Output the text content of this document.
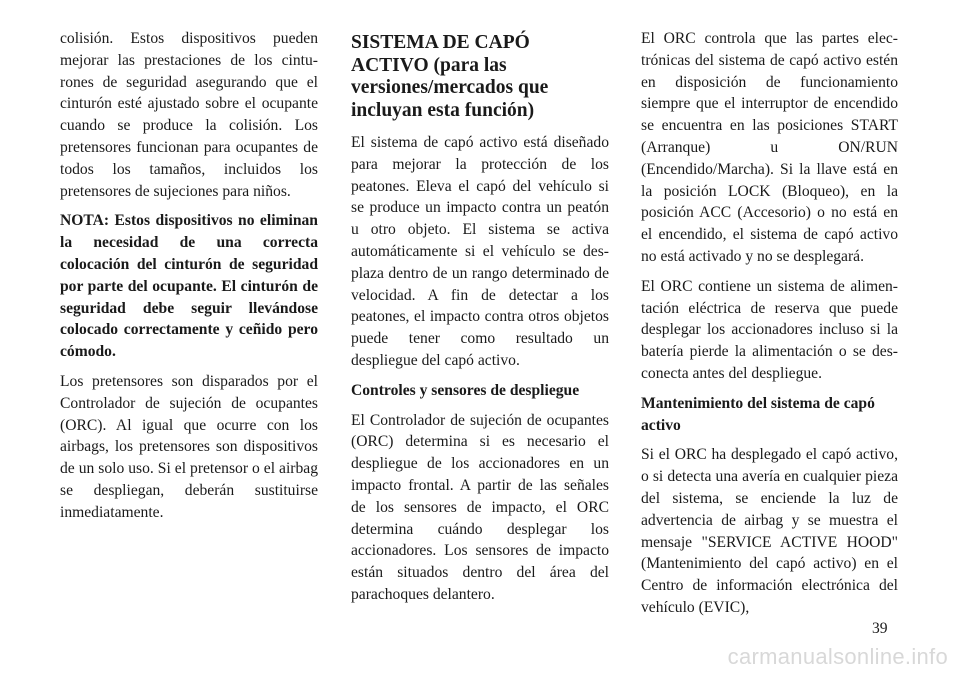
colisión. Estos dispositivos pueden mejorar las prestaciones de los cinturones de seguridad asegurando que el cinturón esté ajustado sobre el ocupante cuando se produce la colisión. Los pretensores funcionan para ocupantes de todos los tamaños, incluidos los pretensores de sujeciones para niños.

NOTA: Estos dispositivos no eliminan la necesidad de una correcta colocación del cinturón de seguridad por parte del ocupante. El cinturón de seguridad debe seguir llevándose colocado correctamente y ceñido pero cómodo.

Los pretensores son disparados por el Controlador de sujeción de ocupantes (ORC). Al igual que ocurre con los airbags, los pretensores son dispositivos de un solo uso. Si el pretensor o el airbag se despliegan, deberán sustituirse inmediatamente.

SISTEMA DE CAPÓ ACTIVO (para las versiones/mercados que incluyan esta función)

El sistema de capó activo está diseñado para mejorar la protección de los peatones. Eleva el capó del vehículo si se produce un impacto contra un peatón u otro objeto. El sistema se activa automáticamente si el vehículo se desplaza dentro de un rango determinado de velocidad. A fin de detectar a los peatones, el impacto contra otros objetos puede tener como resultado un despliegue del capó activo.

Controles y sensores de despliegue

El Controlador de sujeción de ocupantes (ORC) determina si es necesario el despliegue de los accionadores en un impacto frontal. A partir de las señales de los sensores de impacto, el ORC determina cuándo desplegar los accionadores. Los sensores de impacto están situados dentro del área del parachoques delantero.

El ORC controla que las partes electrónicas del sistema de capó activo estén en disposición de funcionamiento siempre que el interruptor de encendido se encuentra en las posiciones START (Arranque) u ON/RUN (Encendido/Marcha). Si la llave está en la posición LOCK (Bloqueo), en la posición ACC (Accesorio) o no está en el encendido, el sistema de capó activo no está activado y no se desplegará.

El ORC contiene un sistema de alimentación eléctrica de reserva que puede desplegar los accionadores incluso si la batería pierde la alimentación o se desconecta antes del despliegue.

Mantenimiento del sistema de capó activo

Si el ORC ha desplegado el capó activo, o si detecta una avería en cualquier pieza del sistema, se enciende la luz de advertencia de airbag y se muestra el mensaje "SERVICE ACTIVE HOOD" (Mantenimiento del capó activo) en el Centro de información electrónica del vehículo (EVIC),

39
carmanualsonline.info
